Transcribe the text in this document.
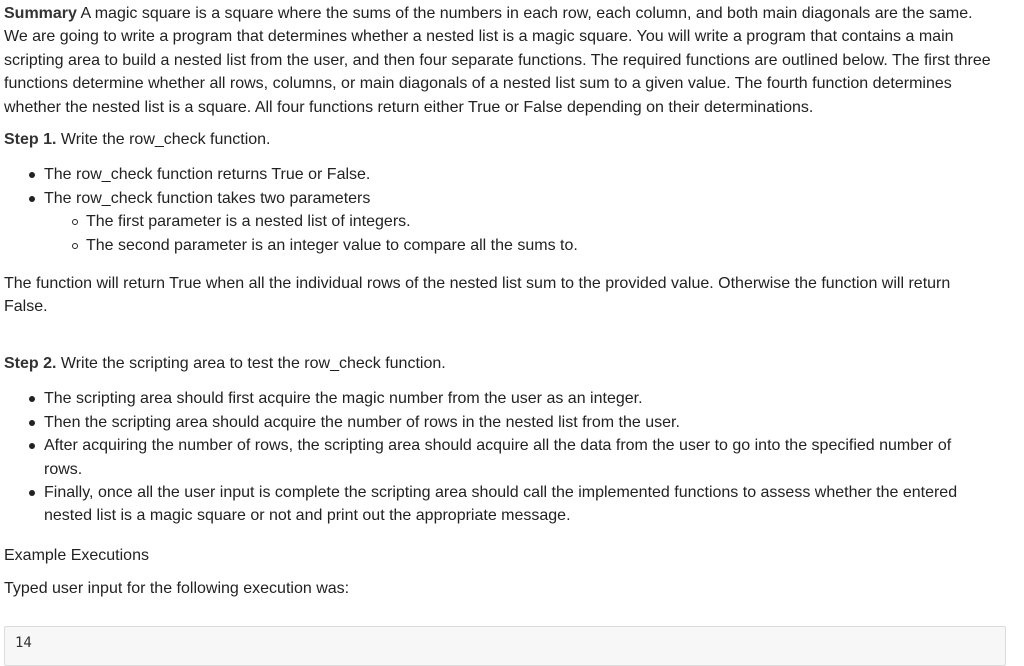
Summary A magic square is a square where the sums of the numbers in each row, each column, and both main diagonals are the same. We are going to write a program that determines whether a nested list is a magic square. You will write a program that contains a main scripting area to build a nested list from the user, and then four separate functions. The required functions are outlined below. The first three functions determine whether all rows, columns, or main diagonals of a nested list sum to a given value. The fourth function determines whether the nested list is a square. All four functions return either True or False depending on their determinations.

Step 1. Write the row_check function.

The row_check function returns True or False.
The row_check function takes two parameters
The first parameter is a nested list of integers.
The second parameter is an integer value to compare all the sums to.

The function will return True when all the individual rows of the nested list sum to the provided value. Otherwise the function will return False.

Step 2. Write the scripting area to test the row_check function.

The scripting area should first acquire the magic number from the user as an integer.
Then the scripting area should acquire the number of rows in the nested list from the user.
After acquiring the number of rows, the scripting area should acquire all the data from the user to go into the specified number of rows.
Finally, once all the user input is complete the scripting area should call the implemented functions to assess whether the entered nested list is a magic square or not and print out the appropriate message.

Example Executions

Typed user input for the following execution was:

14
